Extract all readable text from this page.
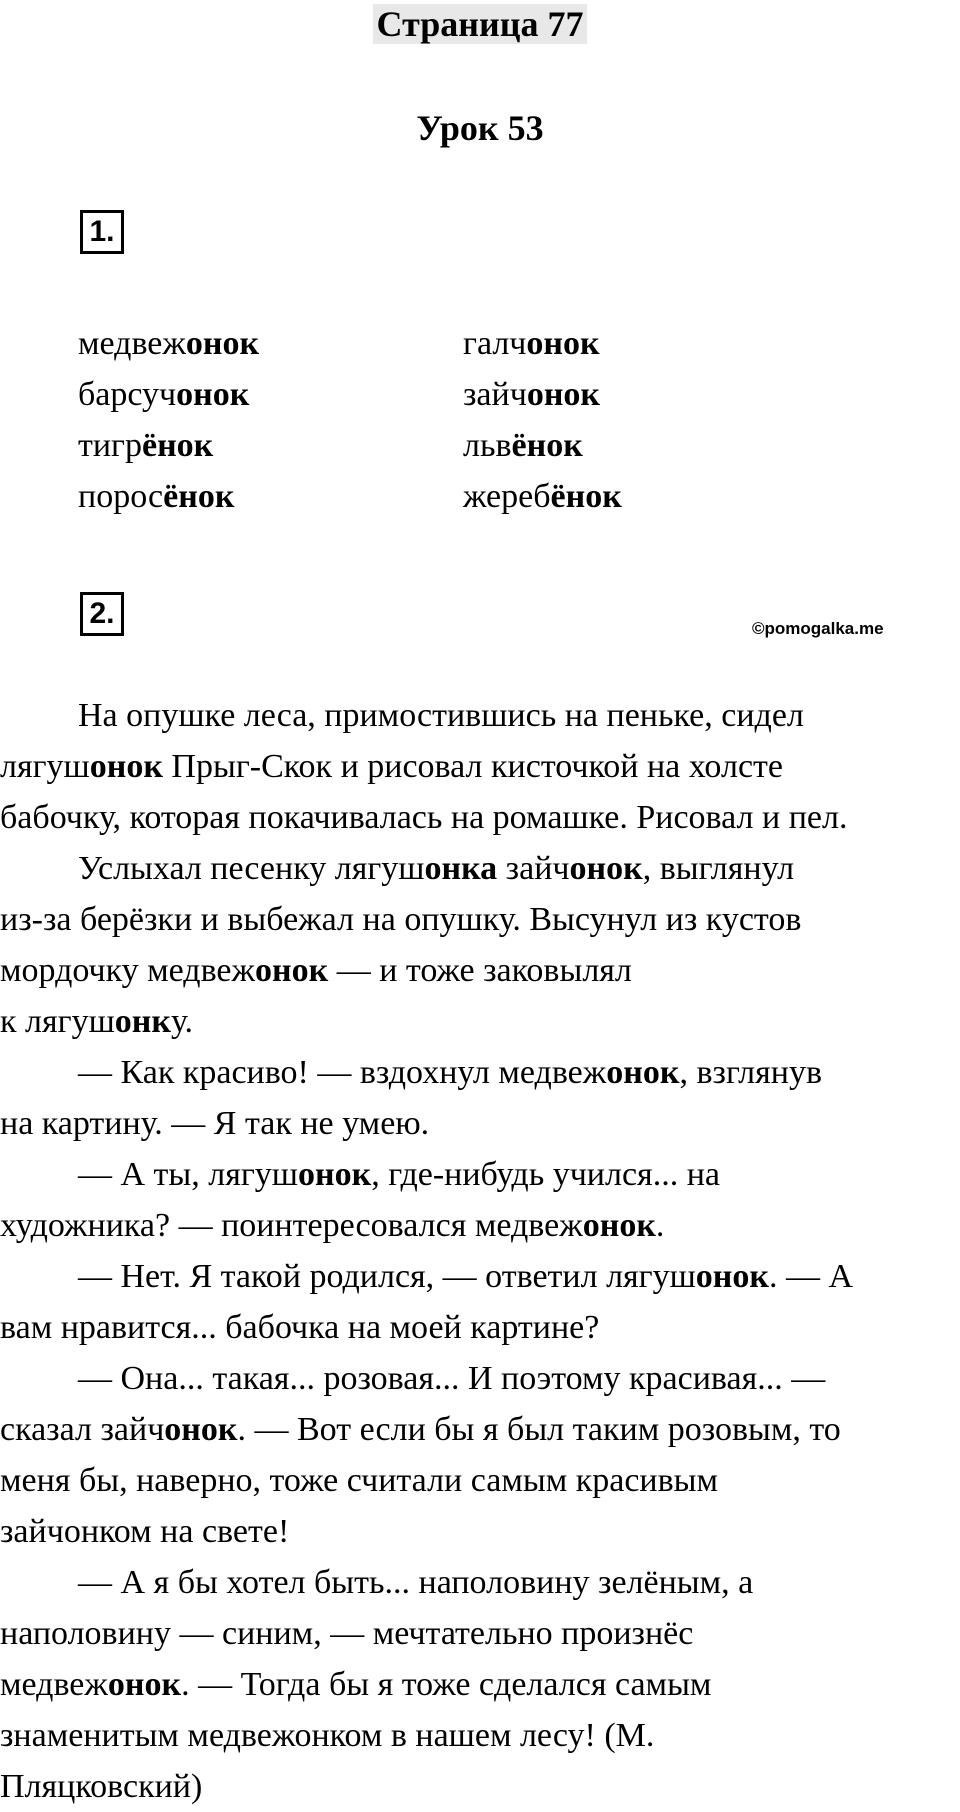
Страница 77
Урок 53
1.
медвежонок
барсучонок
тигрёнок
поросёнок
галчонок
зайчонок
львёнок
жеребёнок
2.	©pomogalka.me
На опушке леса, примостившись на пеньке, сидел
лягушонок Прыг-Скок и рисовал кисточкой на холсте
бабочку, которая покачивалась на ромашке. Рисовал и пел.
Услыхал песенку лягушонка зайчонок, выглянул
из-за берёзки и выбежал на опушку. Высунул из кустов
мордочку медвежонок — и тоже заковылял
к лягушонку.
— Как красиво! — вздохнул медвежонок, взглянув
на картину. — Я так не умею.
— А ты, лягушонок, где-нибудь учился... на
художника? — поинтересовался медвежонок.
— Нет. Я такой родился, — ответил лягушонок. — А
вам нравится... бабочка на моей картине?
— Она... такая... розовая... И поэтому красивая... —
сказал зайчонок. — Вот если бы я был таким розовым, то
меня бы, наверно, тоже считали самым красивым
зайчонком на свете!
— А я бы хотел быть... наполовину зелёным, а
наполовину — синим, — мечтательно произнёс
медвежонок. — Тогда бы я тоже сделался самым
знаменитым медвежонком в нашем лесу! (М.
Пляцковский)
